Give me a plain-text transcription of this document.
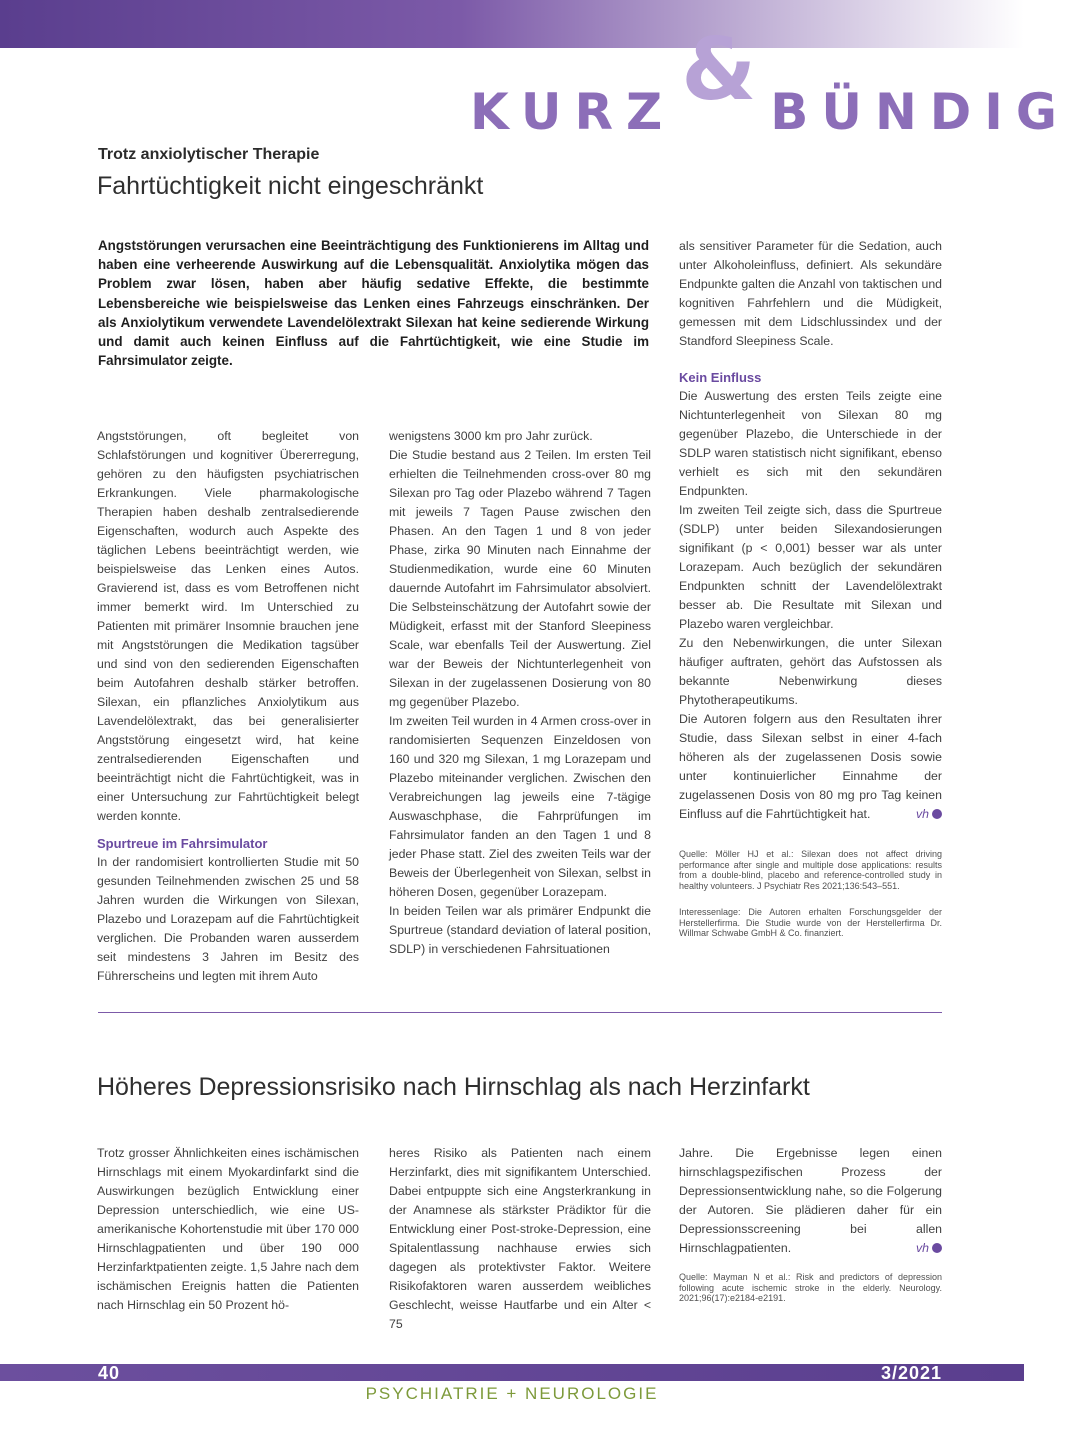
KURZ& BÜNDIG
Trotz anxiolytischer Therapie
Fahrtüchtigkeit nicht eingeschränkt
Angststörungen verursachen eine Beeinträchtigung des Funktionierens im Alltag und haben eine verheerende Auswirkung auf die Lebensqualität. Anxiolytika mögen das Problem zwar lösen, haben aber häufig sedative Effekte, die bestimmte Lebensbereiche wie beispielsweise das Lenken eines Fahrzeugs einschränken. Der als Anxiolytikum verwendete Lavendelölextrakt Silexan hat keine sedierende Wirkung und damit auch keinen Einfluss auf die Fahrtüchtigkeit, wie eine Studie im Fahrsimulator zeigte.

Angststörungen, oft begleitet von Schlafstörungen und kognitiver Übererregung, gehören zu den häufigsten psychiatrischen Erkrankungen. Viele pharmakologische Therapien haben deshalb zentralsedierende Eigenschaften, wodurch auch Aspekte des täglichen Lebens beeinträchtigt werden, wie beispielsweise das Lenken eines Autos. Gravierend ist, dass es vom Betroffenen nicht immer bemerkt wird. Im Unterschied zu Patienten mit primärer Insomnie brauchen jene mit Angststörungen die Medikation tagsüber und sind von den sedierenden Eigenschaften beim Autofahren deshalb stärker betroffen. Silexan, ein pflanzliches Anxiolytikum aus Lavendelölextrakt, das bei generalisierter Angststörung eingesetzt wird, hat keine zentralsedierenden Eigenschaften und beeinträchtigt nicht die Fahrtüchtigkeit, was in einer Untersuchung zur Fahrtüchtigkeit belegt werden konnte.

Spurtreue im Fahrsimulator

In der randomisiert kontrollierten Studie mit 50 gesunden Teilnehmenden zwischen 25 und 58 Jahren wurden die Wirkungen von Silexan, Plazebo und Lorazepam auf die Fahrtüchtigkeit verglichen. Die Probanden waren ausserdem seit mindestens 3 Jahren im Besitz des Führerscheins und legten mit ihrem Auto

wenigstens 3000 km pro Jahr zurück.

Die Studie bestand aus 2 Teilen. Im ersten Teil erhielten die Teilnehmenden cross-over 80 mg Silexan pro Tag oder Plazebo während 7 Tagen mit jeweils 7 Tagen Pause zwischen den Phasen. An den Tagen 1 und 8 von jeder Phase, zirka 90 Minuten nach Einnahme der Studienmedikation, wurde eine 60 Minuten dauernde Autofahrt im Fahrsimulator absolviert. Die Selbsteinschätzung der Autofahrt sowie der Müdigkeit, erfasst mit der Stanford Sleepiness Scale, war ebenfalls Teil der Auswertung. Ziel war der Beweis der Nichtunterlegenheit von Silexan in der zugelassenen Dosierung von 80 mg gegenüber Plazebo.

Im zweiten Teil wurden in 4 Armen cross-over in randomisierten Sequenzen Einzeldosen von 160 und 320 mg Silexan, 1 mg Lorazepam und Plazebo miteinander verglichen. Zwischen den Verabreichungen lag jeweils eine 7-tägige Auswaschphase, die Fahrprüfungen im Fahrsimulator fanden an den Tagen 1 und 8 jeder Phase statt. Ziel des zweiten Teils war der Beweis der Überlegenheit von Silexan, selbst in höheren Dosen, gegenüber Lorazepam.

In beiden Teilen war als primärer Endpunkt die Spurtreue (standard deviation of lateral position, SDLP) in verschiedenen Fahrsituationen

als sensitiver Parameter für die Sedation, auch unter Alkoholeinfluss, definiert. Als sekundäre Endpunkte galten die Anzahl von taktischen und kognitiven Fahrfehlern und die Müdigkeit, gemessen mit dem Lidschlussindex und der Standford Sleepiness Scale.

Kein Einfluss

Die Auswertung des ersten Teils zeigte eine Nichtunterlegenheit von Silexan 80 mg gegenüber Plazebo, die Unterschiede in der SDLP waren statistisch nicht signifikant, ebenso verhielt es sich mit den sekundären Endpunkten.

Im zweiten Teil zeigte sich, dass die Spurtreue (SDLP) unter beiden Silexandosierungen signifikant (p < 0,001) besser war als unter Lorazepam. Auch bezüglich der sekundären Endpunkten schnitt der Lavendelölextrakt besser ab. Die Resultate mit Silexan und Plazebo waren vergleichbar.

Zu den Nebenwirkungen, die unter Silexan häufiger auftraten, gehört das Aufstossen als bekannte Nebenwirkung dieses Phytotherapeutikums.

Die Autoren folgern aus den Resultaten ihrer Studie, dass Silexan selbst in einer 4-fach höheren als der zugelassenen Dosis sowie unter kontinuierlicher Einnahme der zugelassenen Dosis von 80 mg pro Tag keinen Einfluss auf die Fahrtüchtigkeit hat.	vh

Quelle: Möller HJ et al.: Silexan does not affect driving performance after single and multiple dose applications: results from a double-blind, placebo and reference-controlled study in healthy volunteers. J Psychiatr Res 2021;136:543–551.
Interessenlage: Die Autoren erhalten Forschungsgelder der Herstellerfirma. Die Studie wurde von der Herstellerfirma Dr. Willmar Schwabe GmbH & Co. finanziert.
Höheres Depressionsrisiko nach Hirnschlag als nach Herzinfarkt

Trotz grosser Ähnlichkeiten eines ischämischen Hirnschlags mit einem Myokardinfarkt sind die Auswirkungen bezüglich Entwicklung einer Depression unterschiedlich, wie eine US-amerikanische Kohortenstudie mit über 170 000 Hirnschlagpatienten und über 190 000 Herzinfarktpatienten zeigte. 1,5 Jahre nach dem ischämischen Ereignis hatten die Patienten nach Hirnschlag ein 50 Prozent hö-

heres Risiko als Patienten nach einem Herzinfarkt, dies mit signifikantem Unterschied. Dabei entpuppte sich eine Angsterkrankung in der Anamnese als stärkster Prädiktor für die Entwicklung einer Post-stroke-Depression, eine Spitalentlassung nachhause erwies sich dagegen als protektivster Faktor. Weitere Risikofaktoren waren ausserdem weibliches Geschlecht, weisse Hautfarbe und ein Alter < 75

Jahre. Die Ergebnisse legen einen hirnschlagspezifischen Prozess der Depressionsentwicklung nahe, so die Folgerung der Autoren. Sie plädieren daher für ein Depressionsscreening bei allen Hirnschlagpatienten.	vh

Quelle: Mayman N et al.: Risk and predictors of depression following acute ischemic stroke in the elderly. Neurology. 2021;96(17):e2184-e2191.
40	3/2021
PSYCHIATRIE + NEUROLOGIE
